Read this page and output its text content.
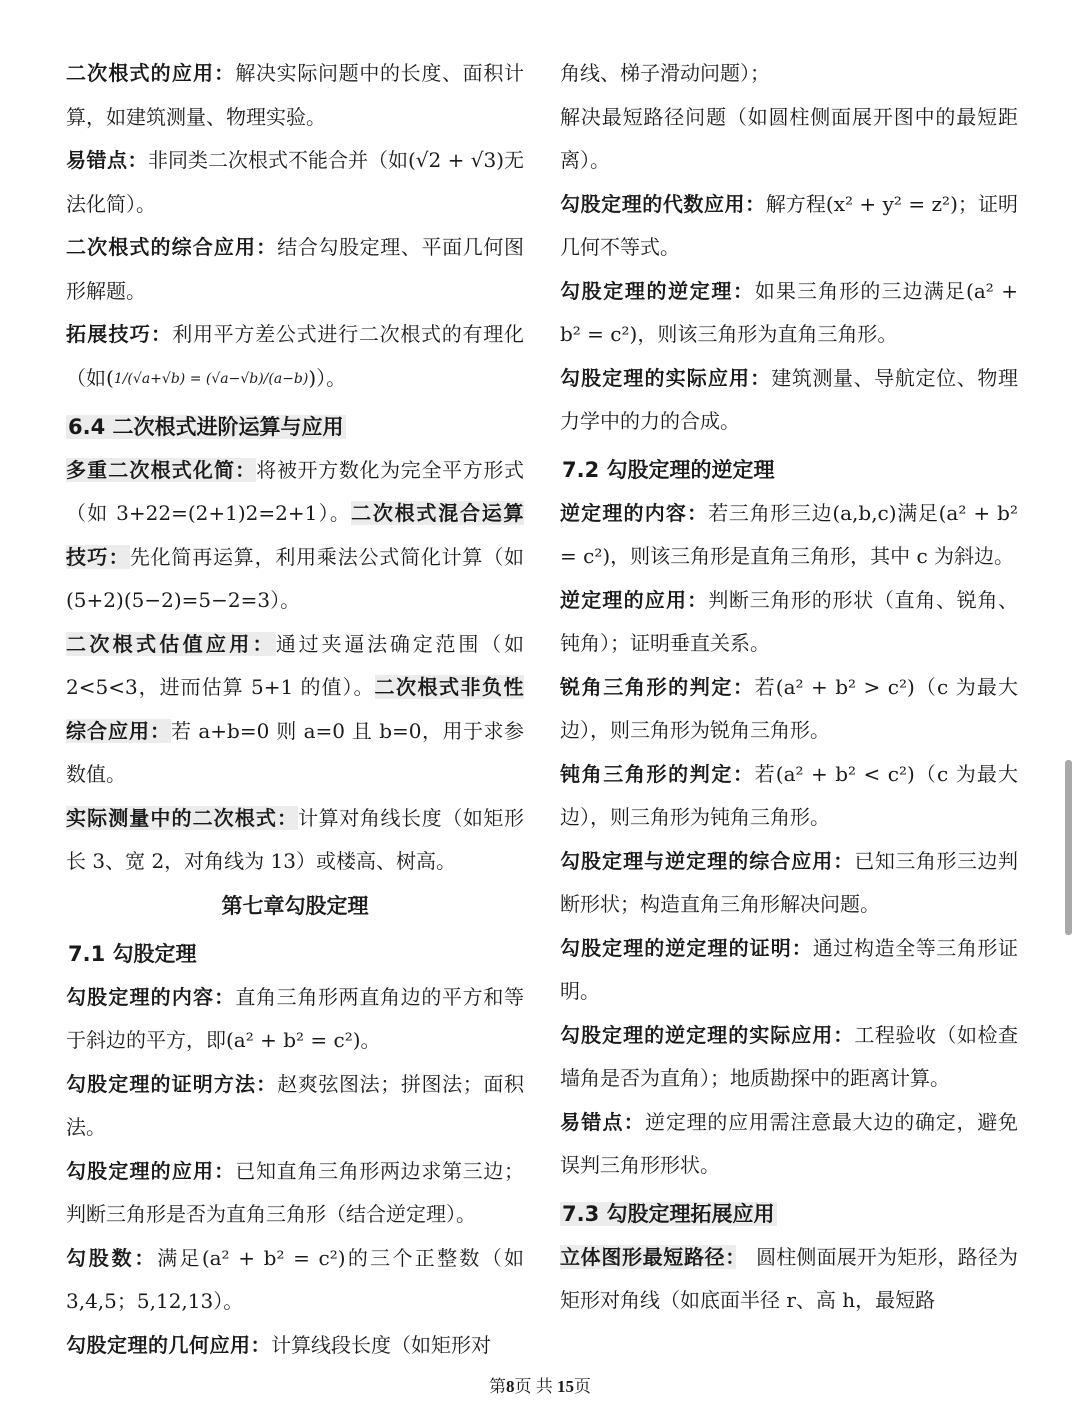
二次根式的应用：解决实际问题中的长度、面积计算，如建筑测量、物理实验。

易错点：非同类二次根式不能合并（如(√2 + √3)无法化简）。

二次根式的综合应用：结合勾股定理、平面几何图形解题。

拓展技巧：利用平方差公式进行二次根式的有理化（如(1/(√a+√b) = (√a−√b)/(a−b))）。

6.4 二次根式进阶运算与应用

多重二次根式化简：将被开方数化为完全平方形式（如 3+22=(2+1)2=2+1）。二次根式混合运算技巧：先化简再运算，利用乘法公式简化计算（如(5+2)(5−2)=5−2=3）。

二次根式估值应用：通过夹逼法确定范围（如2<5<3，进而估算 5+1 的值）。二次根式非负性综合应用：若 a+b=0 则 a=0 且 b=0，用于求参数值。

实际测量中的二次根式：计算对角线长度（如矩形长 3、宽 2，对角线为 13）或楼高、树高。

第七章勾股定理
7.1 勾股定理

勾股定理的内容：直角三角形两直角边的平方和等于斜边的平方，即(a² + b² = c²)。

勾股定理的证明方法：赵爽弦图法；拼图法；面积法。

勾股定理的应用：已知直角三角形两边求第三边；判断三角形是否为直角三角形（结合逆定理）。

勾股数：满足(a² + b² = c²)的三个正整数（如3,4,5；5,12,13）。

勾股定理的几何应用：计算线段长度（如矩形对

角线、梯子滑动问题）；

解决最短路径问题（如圆柱侧面展开图中的最短距离）。

勾股定理的代数应用：解方程(x² + y² = z²)；证明几何不等式。

勾股定理的逆定理：如果三角形的三边满足(a² + b² = c²)，则该三角形为直角三角形。

勾股定理的实际应用：建筑测量、导航定位、物理力学中的力的合成。

7.2 勾股定理的逆定理

逆定理的内容：若三角形三边(a,b,c)满足(a² + b² = c²)，则该三角形是直角三角形，其中 c 为斜边。

逆定理的应用：判断三角形的形状（直角、锐角、钝角）；证明垂直关系。

锐角三角形的判定：若(a² + b² > c²)（c 为最大边），则三角形为锐角三角形。

钝角三角形的判定：若(a² + b² < c²)（c 为最大边），则三角形为钝角三角形。

勾股定理与逆定理的综合应用：已知三角形三边判断形状；构造直角三角形解决问题。

勾股定理的逆定理的证明：通过构造全等三角形证明。

勾股定理的逆定理的实际应用：工程验收（如检查墙角是否为直角）；地质勘探中的距离计算。

易错点：逆定理的应用需注意最大边的确定，避免误判三角形形状。

7.3 勾股定理拓展应用

立体图形最短路径：　圆柱侧面展开为矩形，路径为矩形对角线（如底面半径 r、高 h，最短路

第8页 共 15页
